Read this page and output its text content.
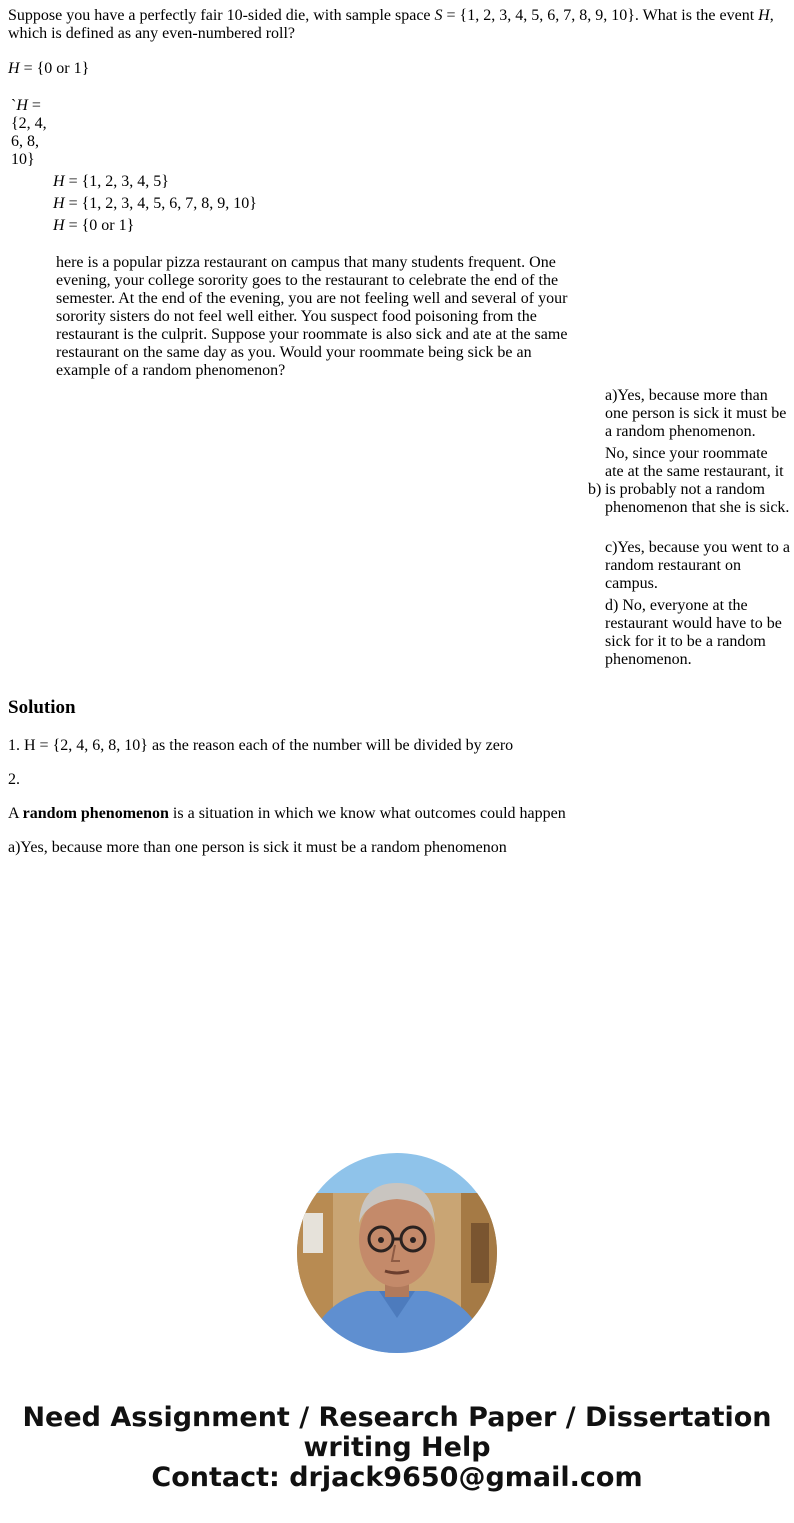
Suppose you have a perfectly fair 10-sided die, with sample space S = {1, 2, 3, 4, 5, 6, 7, 8, 9, 10}. What is the event H, which is defined as any even-numbered roll?
H = {0 or 1}
`H = {2, 4, 6, 8, 10}
H = {1, 2, 3, 4, 5}
H = {1, 2, 3, 4, 5, 6, 7, 8, 9, 10}
H = {0 or 1}
here is a popular pizza restaurant on campus that many students frequent. One evening, your college sorority goes to the restaurant to celebrate the end of the semester. At the end of the evening, you are not feeling well and several of your sorority sisters do not feel well either. You suspect food poisoning from the restaurant is the culprit. Suppose your roommate is also sick and ate at the same restaurant on the same day as you. Would your roommate being sick be an example of a random phenomenon?
a)Yes, because more than one person is sick it must be a random phenomenon.
b)
No, since your roommate ate at the same restaurant, it is probably not a random phenomenon that she is sick.
c)Yes, because you went to a random restaurant on campus.
d) No, everyone at the restaurant would have to be sick for it to be a random phenomenon.
Solution
1. H = {2, 4, 6, 8, 10} as the reason each of the number will be divided by zero
2.
A random phenomenon is a situation in which we know what outcomes could happen
a)Yes, because more than one person is sick it must be a random phenomenon
Need Assignment / Research Paper / Dissertation
writing Help
Contact: drjack9650@gmail.com
